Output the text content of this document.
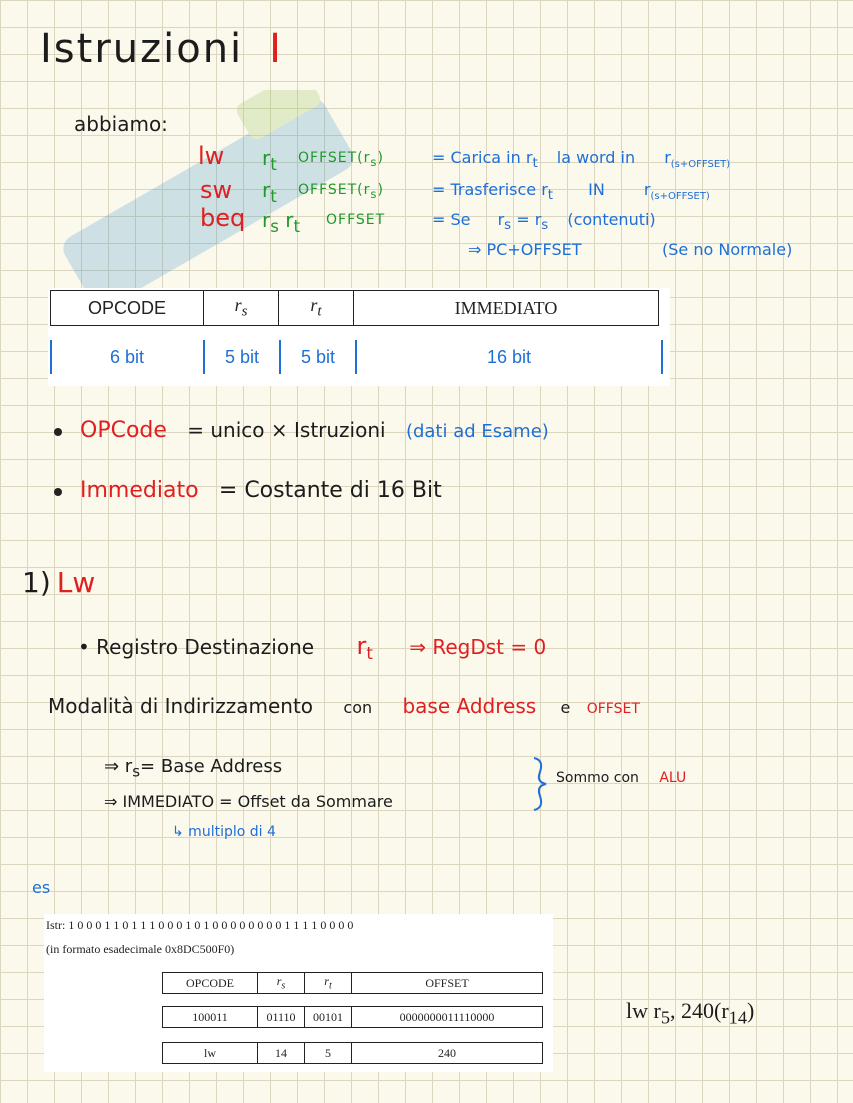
Istruzioni I
abbiamo:
lw $r_t$ $OFFSET(r_s)$	= Carica in $r_t$ la word in $r_{(s+OFFSET)}$
sw $r_t$ $OFFSET(r_s)$	= Trasferisce $r_t$ IN $r_{(s+OFFSET)}$
beq $r_s$ $r_t$ OFFSET	= Se $r_s = r_s$ (contenuti)
⇒ PC+OFFSET	(Se no Normale)
OPCODE	$r_s$	$r_t$	IMMEDIATO
6 bit	5 bit	5 bit	16 bit
OPCode = unico × Istruzioni (dati ad Esame)
Immediato = Costante di 16 Bit
1) Lw
• Registro Destinazione $r_t$ ⇒ RegDst = 0
Modalità di Indirizzamento con base Address e OFFSET
⇒ $r_s=$ Base Address
⇒ IMMEDIATO = Offset da Sommare
Sommo con ALU
↳ multiplo di 4
es
Istr: 1 0 0 0 1 1 0 1 1 1 0 0 0 1 0 1 0 0 0 0 0 0 0 0 1 1 1 1 0 0 0 0
(in formato esadecimale 0x8DC500F0)
OPCODE	$r_s$	$r_t$	OFFSET
100011	01110	00101	0000000011110000
lw	14	5	240
lw $r_5$, $240(r_{14})$
